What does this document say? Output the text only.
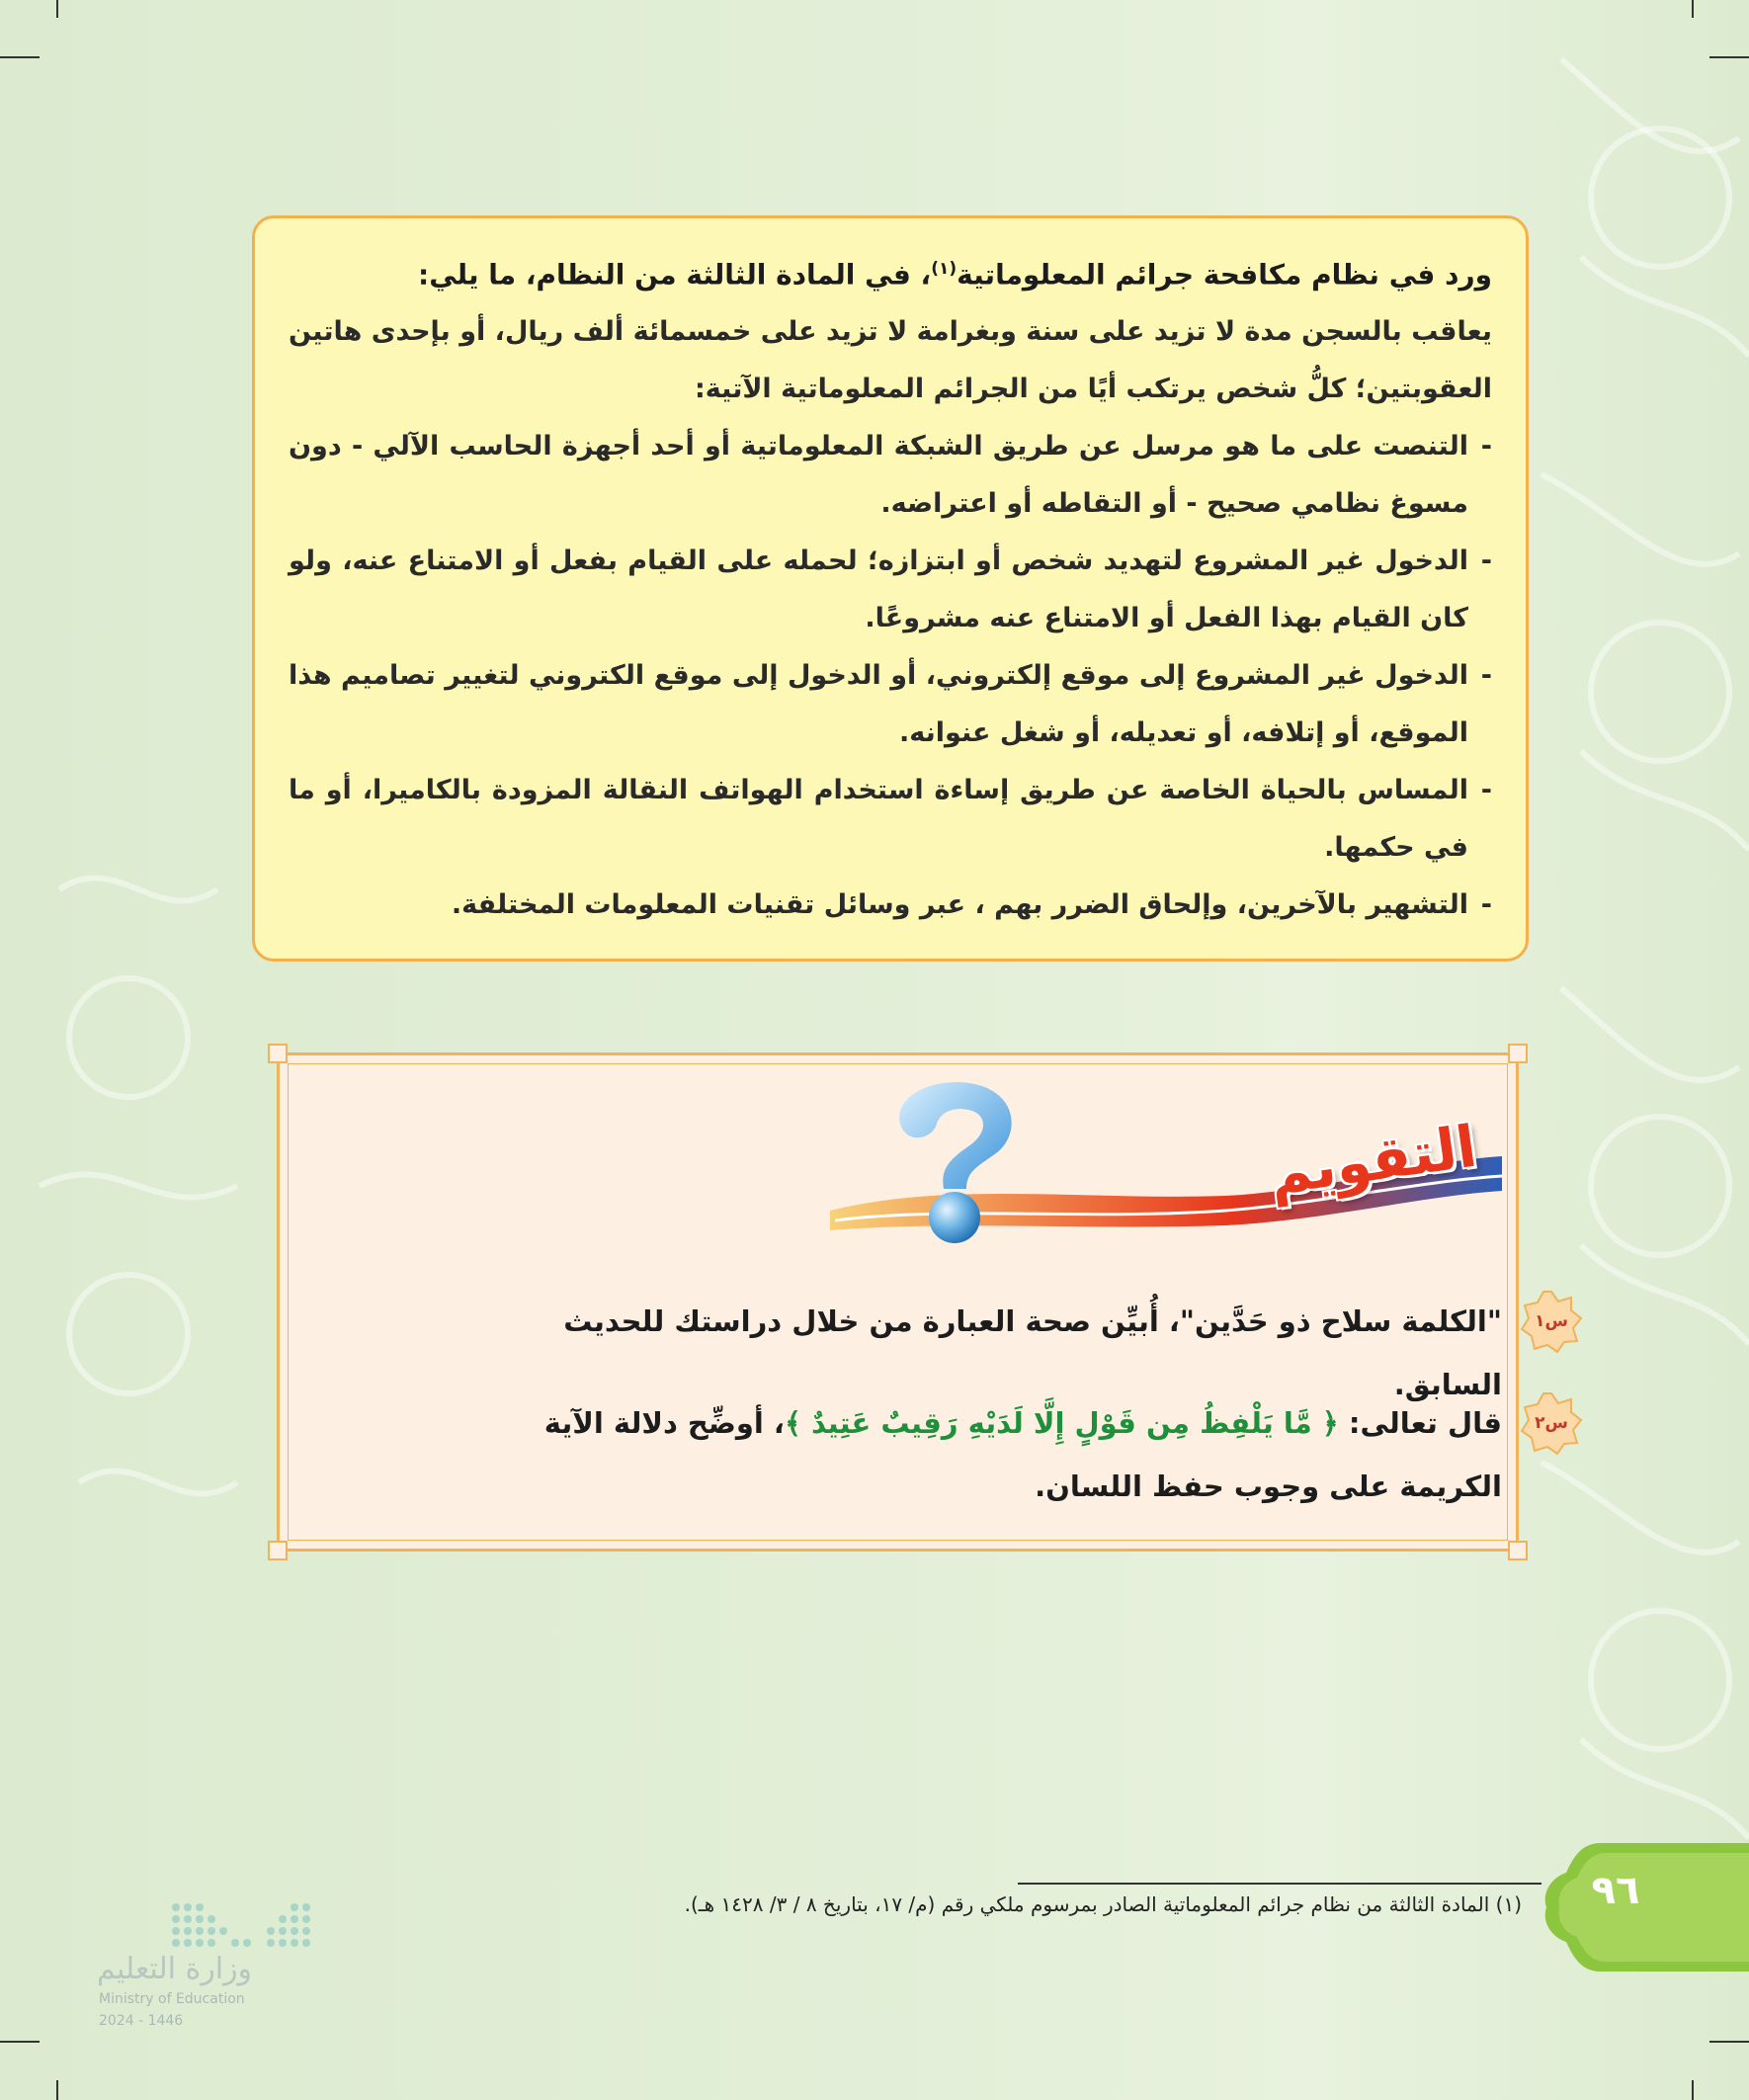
ورد في نظام مكافحة جرائم المعلوماتية$^{(١)}$، في المادة الثالثة من النظام، ما يلي:
يعاقب بالسجن مدة لا تزيد على سنة وبغرامة لا تزيد على خمسمائة ألف ريال، أو بإحدى هاتين العقوبتين؛ كلُّ شخص يرتكب أيًا من الجرائم المعلوماتية الآتية:
-
التنصت على ما هو مرسل عن طريق الشبكة المعلوماتية أو أحد أجهزة الحاسب الآلي - دون مسوغ نظامي صحيح - أو التقاطه أو اعتراضه.
-
الدخول غير المشروع لتهديد شخص أو ابتزازه؛ لحمله على القيام بفعل أو الامتناع عنه، ولو كان القيام بهذا الفعل أو الامتناع عنه مشروعًا.
-
الدخول غير المشروع إلى موقع إلكتروني، أو الدخول إلى موقع الكتروني لتغيير تصاميم هذا الموقع، أو إتلافه، أو تعديله، أو شغل عنوانه.
-
المساس بالحياة الخاصة عن طريق إساءة استخدام الهواتف النقالة المزودة بالكاميرا، أو ما في حكمها.
-
التشهير بالآخرين، وإلحاق الضرر بهم ، عبر وسائل تقنيات المعلومات المختلفة.
التقويم
س١
"الكلمة سلاح ذو حَدَّين"، أُبيِّن صحة العبارة من خلال دراستك للحديث السابق.
س٢
قال تعالى: ﴿ مَّا يَلْفِظُ مِن قَوْلٍ إِلَّا لَدَيْهِ رَقِيبٌ عَتِيدٌ ﴾، أوضِّح دلالة الآية الكريمة على وجوب حفظ اللسان.
(١) المادة الثالثة من نظام جرائم المعلوماتية الصادر بمرسوم ملكي رقم (م/ ١٧، بتاريخ ٨ / ٣/ ١٤٢٨ هـ).	٩٦
وزارة التعليم
Ministry of Education
2024 - 1446
